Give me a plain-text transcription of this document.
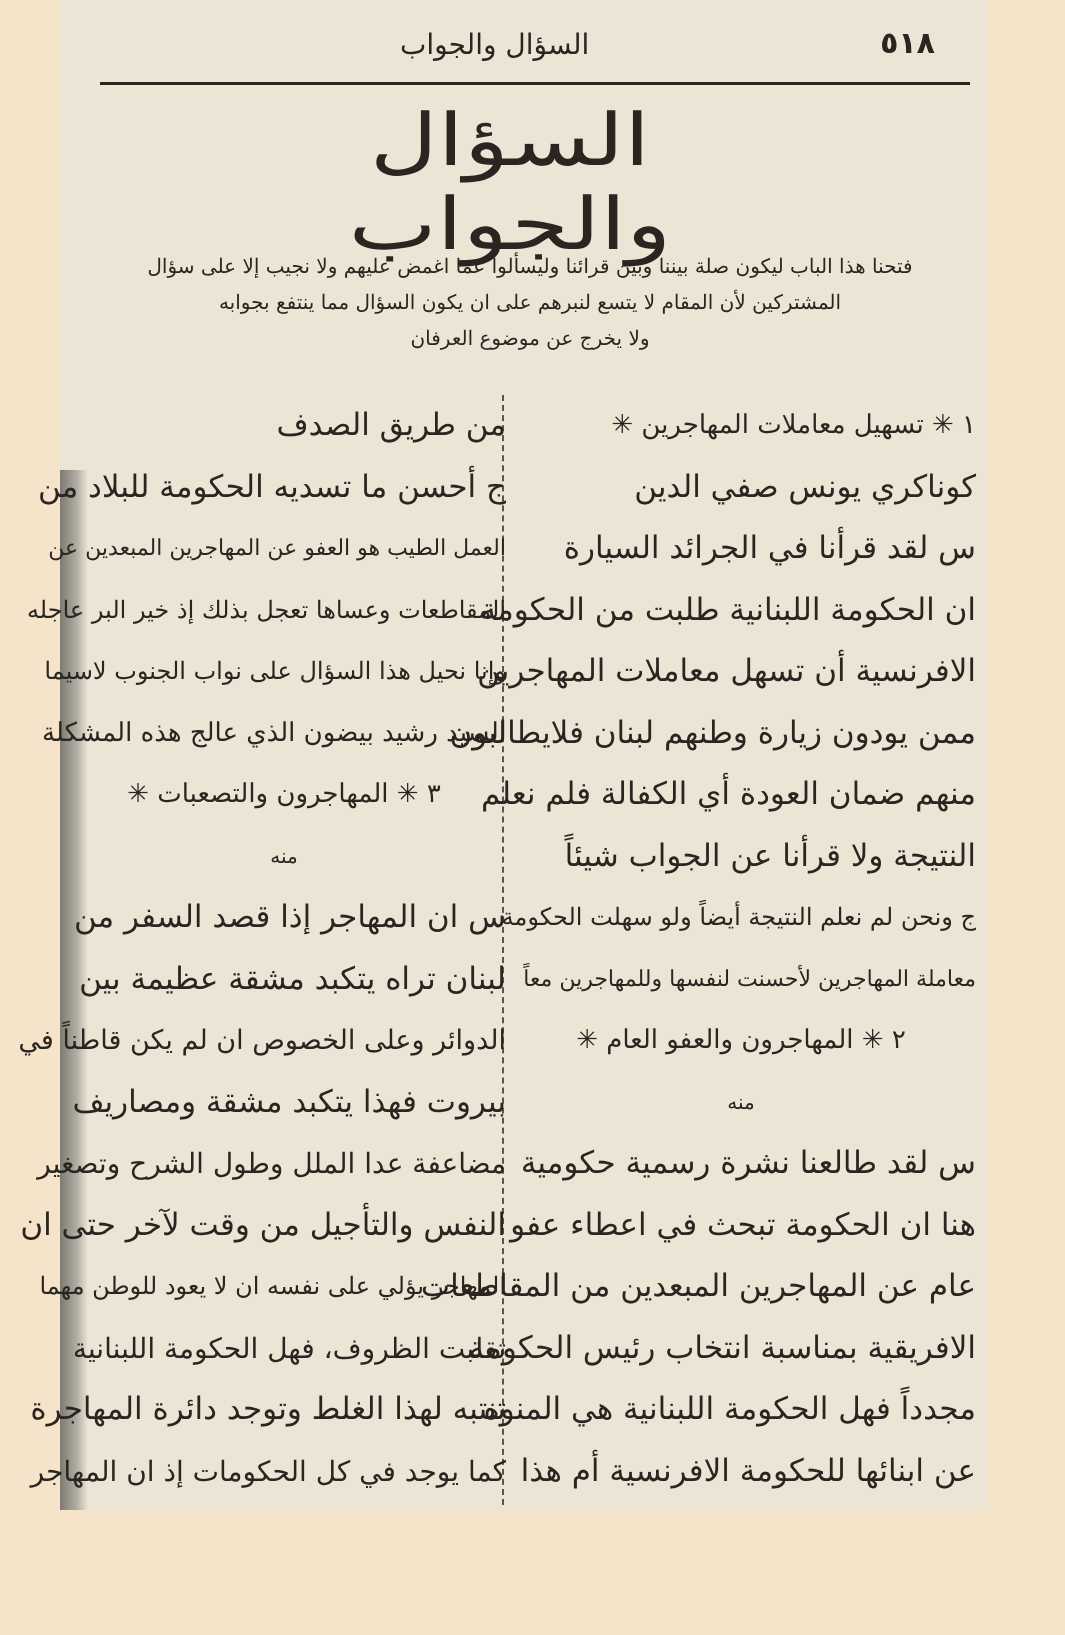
السؤال والجواب	٥١٨
السؤال والجواب

فتحنا هذا الباب ليكون صلة بيننا وبين قرائنا وليسألوا عما اغمض عليهم ولا نجيب إلا على سؤال

المشتركين لأن المقام لا يتسع لنبرهم على ان يكون السؤال مما ينتفع بجوابه

ولا يخرج عن موضوع العرفان

١ ✳ تسهيل معاملات المهاجرين ✳

كوناكري يونس صفي الدين

س لقد قرأنا في الجرائد السيارة

ان الحكومة اللبنانية طلبت من الحكومة

الافرنسية أن تسهل معاملات المهاجرين

ممن يودون زيارة وطنهم لبنان فلايطالبون

منهم ضمان العودة أي الكفالة فلم نعلم

النتيجة ولا قرأنا عن الجواب شيئاً

ج ونحن لم نعلم النتيجة أيضاً ولو سهلت الحكومة

معاملة المهاجرين لأحسنت لنفسها وللمهاجرين معاً

٢ ✳ المهاجرون والعفو العام ✳

منه

س لقد طالعنا نشرة رسمية حكومية

هنا ان الحكومة تبحث في اعطاء عفو

عام عن المهاجرين المبعدين من المقاطعات

الافريقية بمناسبة انتخاب رئيس الحكومة

مجدداً فهل الحكومة اللبنانية هي المنوه

عن ابنائها للحكومة الافرنسية أم هذا

من طريق الصدف

ج أحسن ما تسديه الحكومة للبلاد من

العمل الطيب هو العفو عن المهاجرين المبعدين عن

المقاطعات وعساها تعجل بذلك إذ خير البر عاجله

وإنا نحيل هذا السؤال على نواب الجنوب لاسيما

السيد رشيد بيضون الذي عالج هذه المشكلة

٣ ✳ المهاجرون والتصعبات ✳

منه

س ان المهاجر إذا قصد السفر من

لبنان تراه يتكبد مشقة عظيمة بين

الدوائر وعلى الخصوص ان لم يكن قاطناً في

بيروت فهذا يتكبد مشقة ومصاريف

مضاعفة عدا الملل وطول الشرح وتصغير

النفس والتأجيل من وقت لآخر حتى ان

المهاجر يؤلي على نفسه ان لا يعود للوطن مهما

تقلبت الظروف، فهل الحكومة اللبنانية

تنتبه لهذا الغلط وتوجد دائرة المهاجرة

كما يوجد في كل الحكومات إذ ان المهاجر
